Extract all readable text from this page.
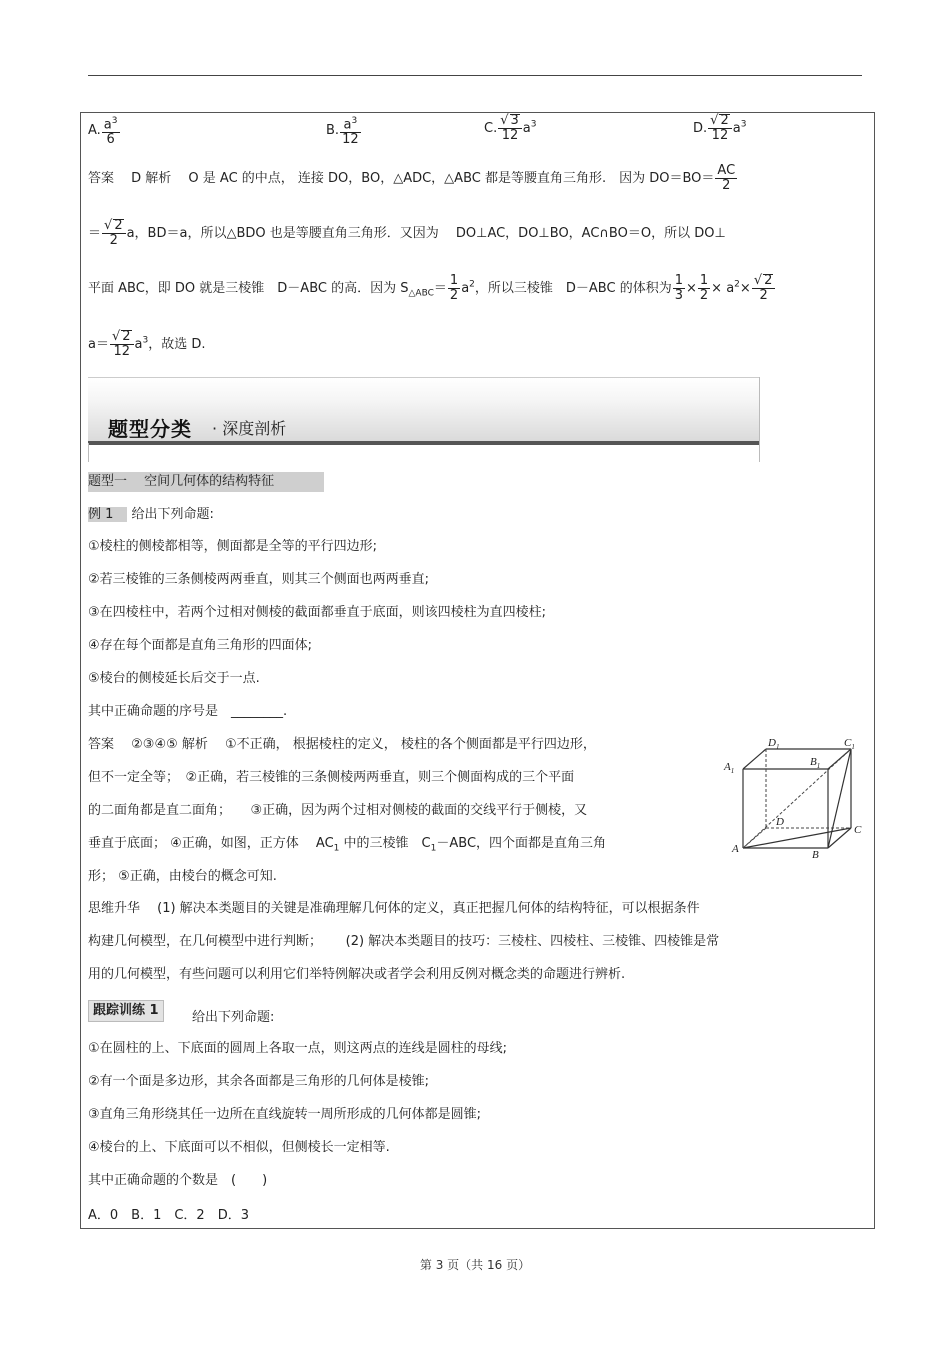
A. $\frac{a^3}{6}$	B. $\frac{a^3}{12}$	C. $\frac{√ 3}{12} a^3$	D. $\frac{√ 2}{12} a^3$
答案　 D 解析　 O 是 AC 的中点， 连接 DO，BO，△ADC，△ABC 都是等腰直角三角形.　因为 $DO=BO= \frac{AC}{2}$
＝ $\frac{√ 2}{2}$ a，BD＝a，所以△BDO 也是等腰直角三角形．又因为　 DO⊥AC，DO⊥BO，AC∩BO＝O，所以 DO⊥
平面 ABC，即 DO 就是三棱锥　D－ABC 的高．因为 $S_{\triangle ABC}= \frac{1}{2} a^2$，所以三棱锥　D－ABC 的体积为 $\frac{1}{3} \times \frac{1}{2} \times a^2\times \frac{√ 2}{2}$
$a= \frac{√ 2}{12} a^3$，故选 D.
题型分类 · 深度剖析
题型一　 空间几何体的结构特征
例 1 给出下列命题:
①棱柱的侧棱都相等，侧面都是全等的平行四边形;
②若三棱锥的三条侧棱两两垂直，则其三个侧面也两两垂直;
③在四棱柱中，若两个过相对侧棱的截面都垂直于底面，则该四棱柱为直四棱柱;
④存在每个面都是直角三角形的四面体;
⑤棱台的侧棱延长后交于一点.
其中正确命题的序号是　________.
答案　 ②③④⑤ 解析　 ①不正确， 根据棱柱的定义， 棱柱的各个侧面都是平行四边形，
但不一定全等；　②正确，若三棱锥的三条侧棱两两垂直，则三个侧面构成的三个平面
的二面角都是直二面角；　　③正确，因为两个过相对侧棱的截面的交线平行于侧棱，又
垂直于底面； ④正确，如图，正方体　 $AC_1$ 中的三棱锥　$C_1-ABC$，四个面都是直角三角
形； ⑤正确，由棱台的概念可知.
$D_1$	$C_1$
$A_1$
$B_1$
D
C
A	B
思维升华　 (1) 解决本类题目的关键是准确理解几何体的定义，真正把握几何体的结构特征，可以根据条件
构建几何模型，在几何模型中进行判断；　　 (2) 解决本类题目的技巧：三棱柱、四棱柱、三棱锥、四棱锥是常
用的几何模型，有些问题可以利用它们举特例解决或者学会利用反例对概念类的命题进行辨析.
跟踪训练 1	给出下列命题:
①在圆柱的上、下底面的圆周上各取一点，则这两点的连线是圆柱的母线;
②有一个面是多边形，其余各面都是三角形的几何体是棱锥;
③直角三角形绕其任一边所在直线旋转一周所形成的几何体都是圆锥;
④棱台的上、下底面可以不相似，但侧棱长一定相等.
其中正确命题的个数是　(　　)
A．0　B．1　C．2　D．3
第 3 页（共 16 页）
